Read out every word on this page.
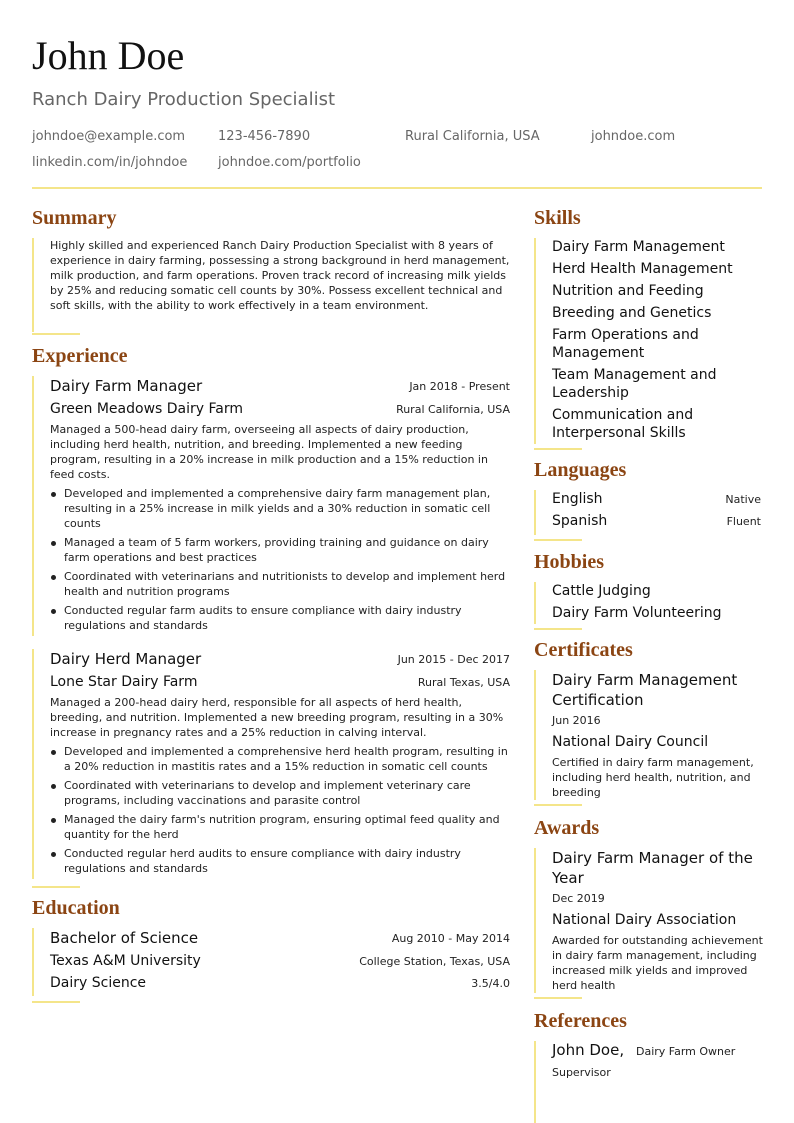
John Doe
Ranch Dairy Production Specialist
johndoe@example.com	123-456-7890	Rural California, USA	johndoe.com
linkedin.com/in/johndoe johndoe.com/portfolio
Summary
Highly skilled and experienced Ranch Dairy Production Specialist with 8 years of experience in dairy farming, possessing a strong background in herd management, milk production, and farm operations. Proven track record of increasing milk yields by 25% and reducing somatic cell counts by 30%. Possess excellent technical and soft skills, with the ability to work effectively in a team environment.
Experience
Dairy Farm Manager	Jan 2018 - Present
Green Meadows Dairy Farm	Rural California, USA
Managed a 500-head dairy farm, overseeing all aspects of dairy production, including herd health, nutrition, and breeding. Implemented a new feeding program, resulting in a 20% increase in milk production and a 15% reduction in feed costs.
Developed and implemented a comprehensive dairy farm management plan, resulting in a 25% increase in milk yields and a 30% reduction in somatic cell counts
Managed a team of 5 farm workers, providing training and guidance on dairy farm operations and best practices
Coordinated with veterinarians and nutritionists to develop and implement herd health and nutrition programs
Conducted regular farm audits to ensure compliance with dairy industry regulations and standards
Dairy Herd Manager	Jun 2015 - Dec 2017
Lone Star Dairy Farm	Rural Texas, USA
Managed a 200-head dairy herd, responsible for all aspects of herd health, breeding, and nutrition. Implemented a new breeding program, resulting in a 30% increase in pregnancy rates and a 25% reduction in calving interval.
Developed and implemented a comprehensive herd health program, resulting in a 20% reduction in mastitis rates and a 15% reduction in somatic cell counts
Coordinated with veterinarians to develop and implement veterinary care programs, including vaccinations and parasite control
Managed the dairy farm's nutrition program, ensuring optimal feed quality and quantity for the herd
Conducted regular herd audits to ensure compliance with dairy industry regulations and standards
Education
Bachelor of Science	Aug 2010 - May 2014
Texas A&M University	College Station, Texas, USA
Dairy Science	3.5/4.0
Skills
Dairy Farm Management
Herd Health Management
Nutrition and Feeding
Breeding and Genetics
Farm Operations and Management
Team Management and Leadership
Communication and Interpersonal Skills
Languages
English	Native
Spanish	Fluent
Hobbies
Cattle Judging
Dairy Farm Volunteering
Certificates
Dairy Farm Management Certification
Jun 2016
National Dairy Council
Certified in dairy farm management, including herd health, nutrition, and breeding
Awards
Dairy Farm Manager of the Year
Dec 2019
National Dairy Association
Awarded for outstanding achievement in dairy farm management, including increased milk yields and improved herd health
References
John Doe, Dairy Farm Owner
Supervisor
